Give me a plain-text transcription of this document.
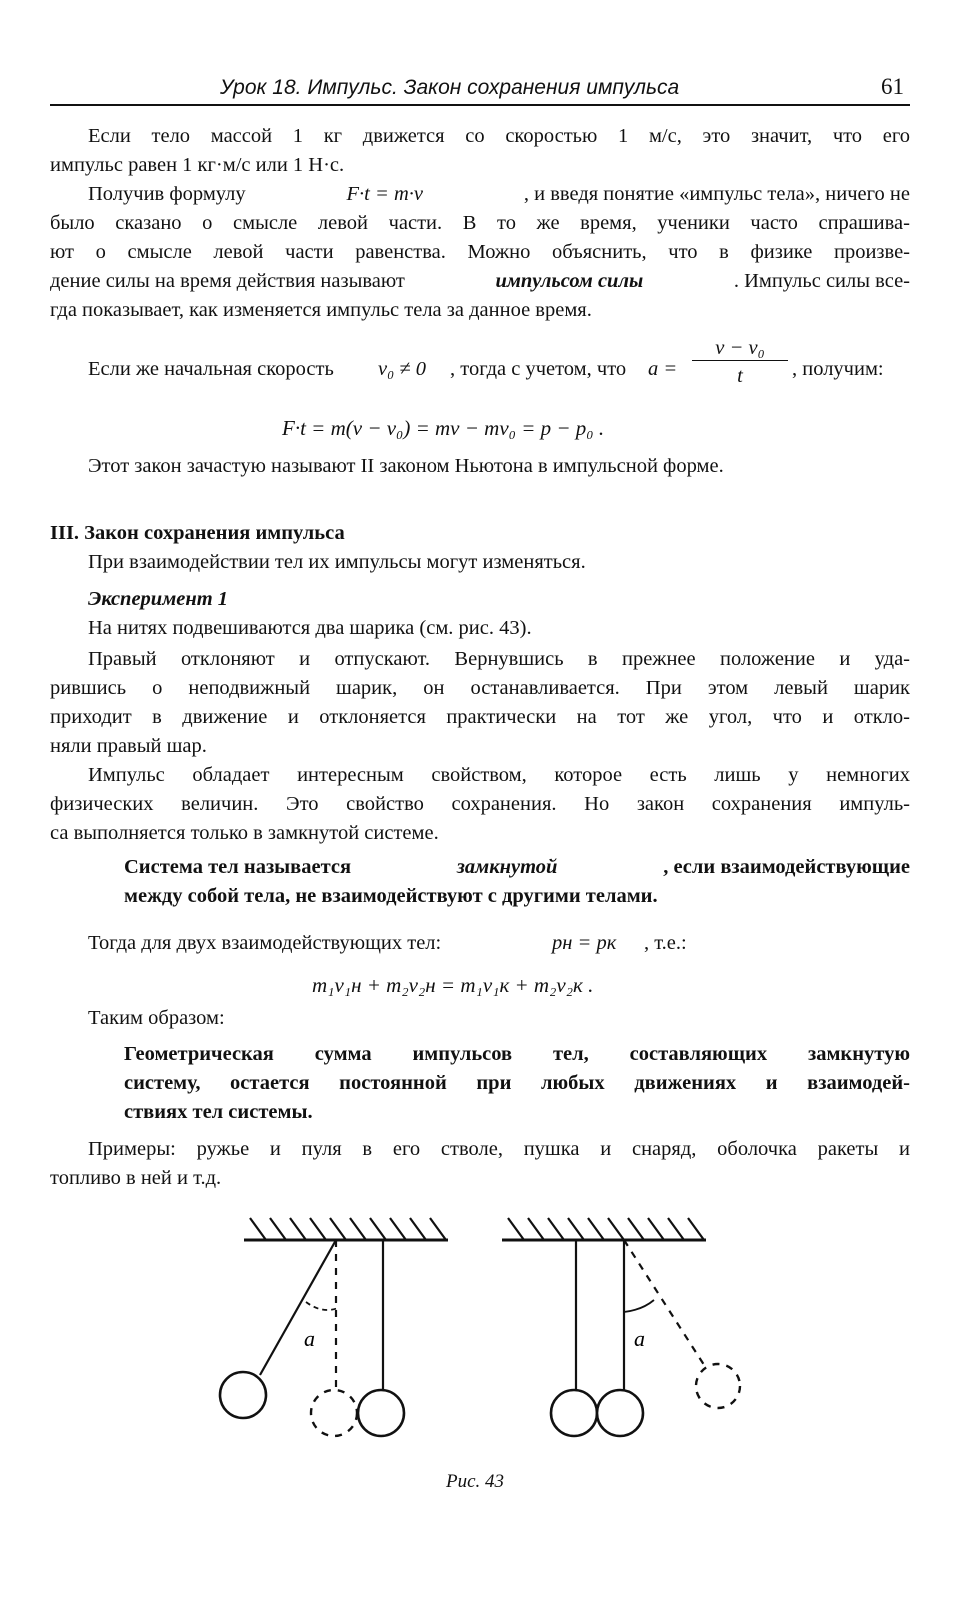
Урок 18. Импульс. Закон сохранения импульса	61
Если тело массой 1 кг движется со скоростью 1 м/с, это значит, что его
импульс равен 1 кг·м/с или 1 Н·с.
Получив формулу	F·t = m·v	, и введя понятие «импульс тела», ничего не
было сказано о смысле левой части. В то же время, ученики часто спрашива-
ют о смысле левой части равенства. Можно объяснить, что в физике произве-
дение силы на время действия называют	импульсом силы	. Импульс силы все-
гда показывает, как изменяется импульс тела за данное время.
Если же начальная скорость	v₀ ≠ 0 , тогда с учетом, что a =
v − v₀
t	, получим:
F·t = m(v − v₀) = mv − mv₀ = p − p₀ .
Этот закон зачастую называют II законом Ньютона в импульсной форме.
III. Закон сохранения импульса
При взаимодействии тел их импульсы могут изменяться.
Эксперимент 1
На нитях подвешиваются два шарика (см. рис. 43).
Правый отклоняют и отпускают. Вернувшись в прежнее положение и уда-
рившись о неподвижный шарик, он останавливается. При этом левый шарик
приходит в движение и отклоняется практически на тот же угол, что и откло-
няли правый шар.
Импульс обладает интересным свойством, которое есть лишь у немногих
физических величин. Это свойство сохранения. Но закон сохранения импуль-
са выполняется только в замкнутой системе.
Система тел называется	замкнутой	, если взаимодействующие
между собой тела, не взаимодействуют с другими телами.
Тогда для двух взаимодействующих тел:	pн = pк , т.е.:
m₁v₁н + m₂v₂н = m₁v₁к + m₂v₂к .
Таким образом:
Геометрическая сумма импульсов тел, составляющих замкнутую
систему, остается постоянной при любых движениях и взаимодей-
ствиях тел системы.
Примеры: ружье и пуля в его стволе, пушка и снаряд, оболочка ракеты и
топливо в ней и т.д.
a	a
Рис. 43
